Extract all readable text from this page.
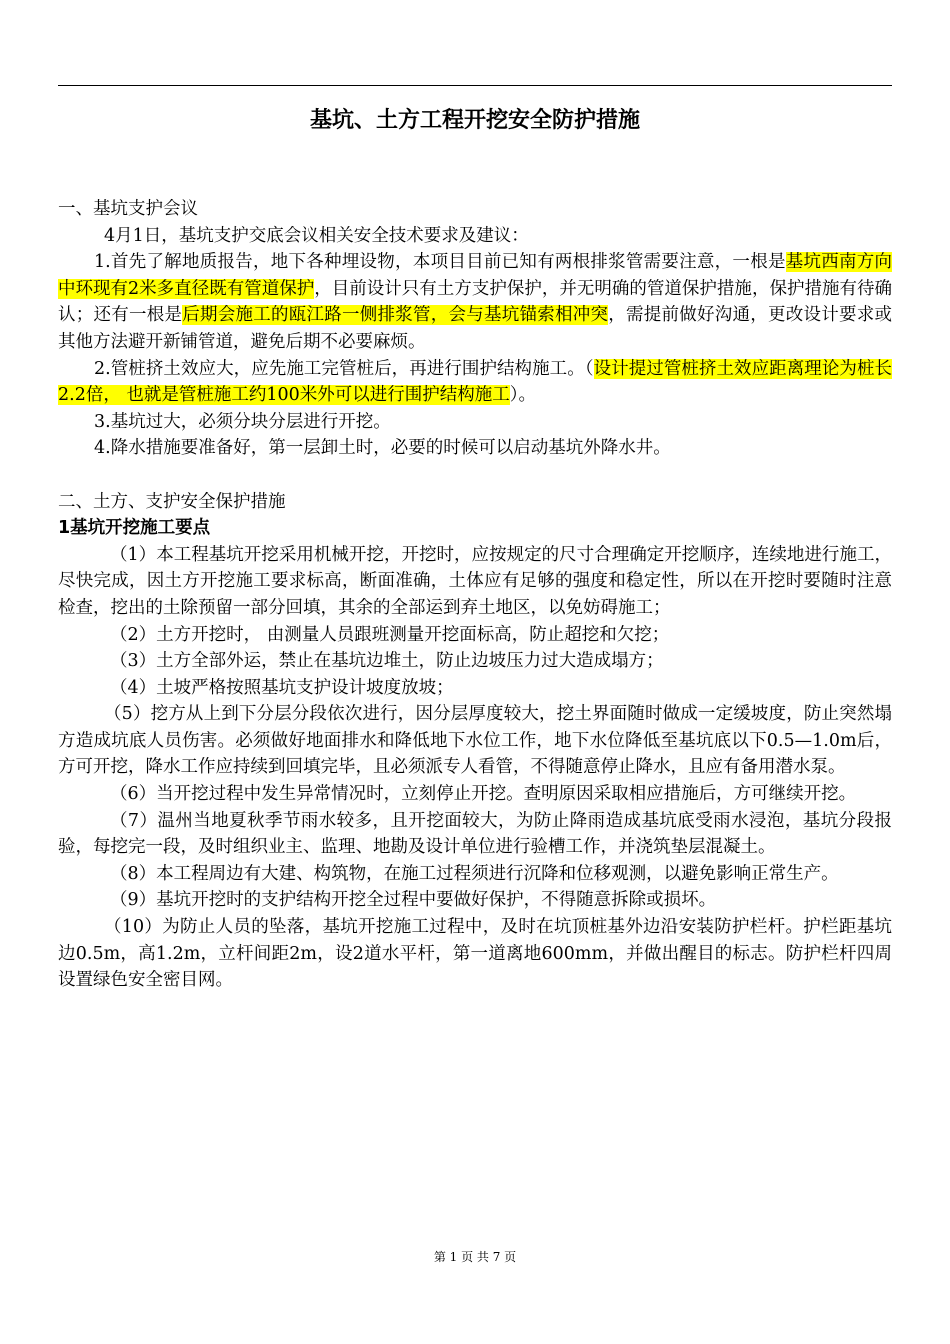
基坑、土方工程开挖安全防护措施

一、基坑支护会议

4月1日，基坑支护交底会议相关安全技术要求及建议：

1.首先了解地质报告，地下各种埋设物，本项目目前已知有两根排浆管需要注意，一根是基坑西南方向中环现有2米多直径既有管道保护，目前设计只有土方支护保护，并无明确的管道保护措施，保护措施有待确认；还有一根是后期会施工的瓯江路一侧排浆管，会与基坑锚索相冲突，需提前做好沟通，更改设计要求或其他方法避开新铺管道，避免后期不必要麻烦。

2.管桩挤土效应大，应先施工完管桩后，再进行围护结构施工。（设计提过管桩挤土效应距离理论为桩长2.2倍， 也就是管桩施工约100米外可以进行围护结构施工）。

3.基坑过大，必须分块分层进行开挖。

4.降水措施要准备好，第一层卸土时，必要的时候可以启动基坑外降水井。

二、土方、支护安全保护措施

1基坑开挖施工要点

（1）本工程基坑开挖采用机械开挖，开挖时，应按规定的尺寸合理确定开挖顺序，连续地进行施工，尽快完成，因土方开挖施工要求标高，断面准确，土体应有足够的强度和稳定性，所以在开挖时要随时注意检查，挖出的土除预留一部分回填，其余的全部运到弃土地区，以免妨碍施工；

（2）土方开挖时， 由测量人员跟班测量开挖面标高，防止超挖和欠挖；

（3）土方全部外运，禁止在基坑边堆土，防止边坡压力过大造成塌方；

（4）土坡严格按照基坑支护设计坡度放坡；

（5）挖方从上到下分层分段依次进行，因分层厚度较大，挖土界面随时做成一定缓坡度，防止突然塌方造成坑底人员伤害。必须做好地面排水和降低地下水位工作，地下水位降低至基坑底以下0.5—1.0m后，方可开挖，降水工作应持续到回填完毕，且必须派专人看管，不得随意停止降水，且应有备用潜水泵。

（6）当开挖过程中发生异常情况时，立刻停止开挖。查明原因采取相应措施后，方可继续开挖。

（7）温州当地夏秋季节雨水较多，且开挖面较大，为防止降雨造成基坑底受雨水浸泡，基坑分段报验，每挖完一段，及时组织业主、监理、地勘及设计单位进行验槽工作，并浇筑垫层混凝土。

（8）本工程周边有大建、构筑物，在施工过程须进行沉降和位移观测，以避免影响正常生产。

（9）基坑开挖时的支护结构开挖全过程中要做好保护，不得随意拆除或损坏。

（10）为防止人员的坠落，基坑开挖施工过程中，及时在坑顶桩基外边沿安装防护栏杆。护栏距基坑边0.5m，高1.2m，立杆间距2m，设2道水平杆，第一道离地600mm，并做出醒目的标志。防护栏杆四周设置绿色安全密目网。

第 1 页 共 7 页
